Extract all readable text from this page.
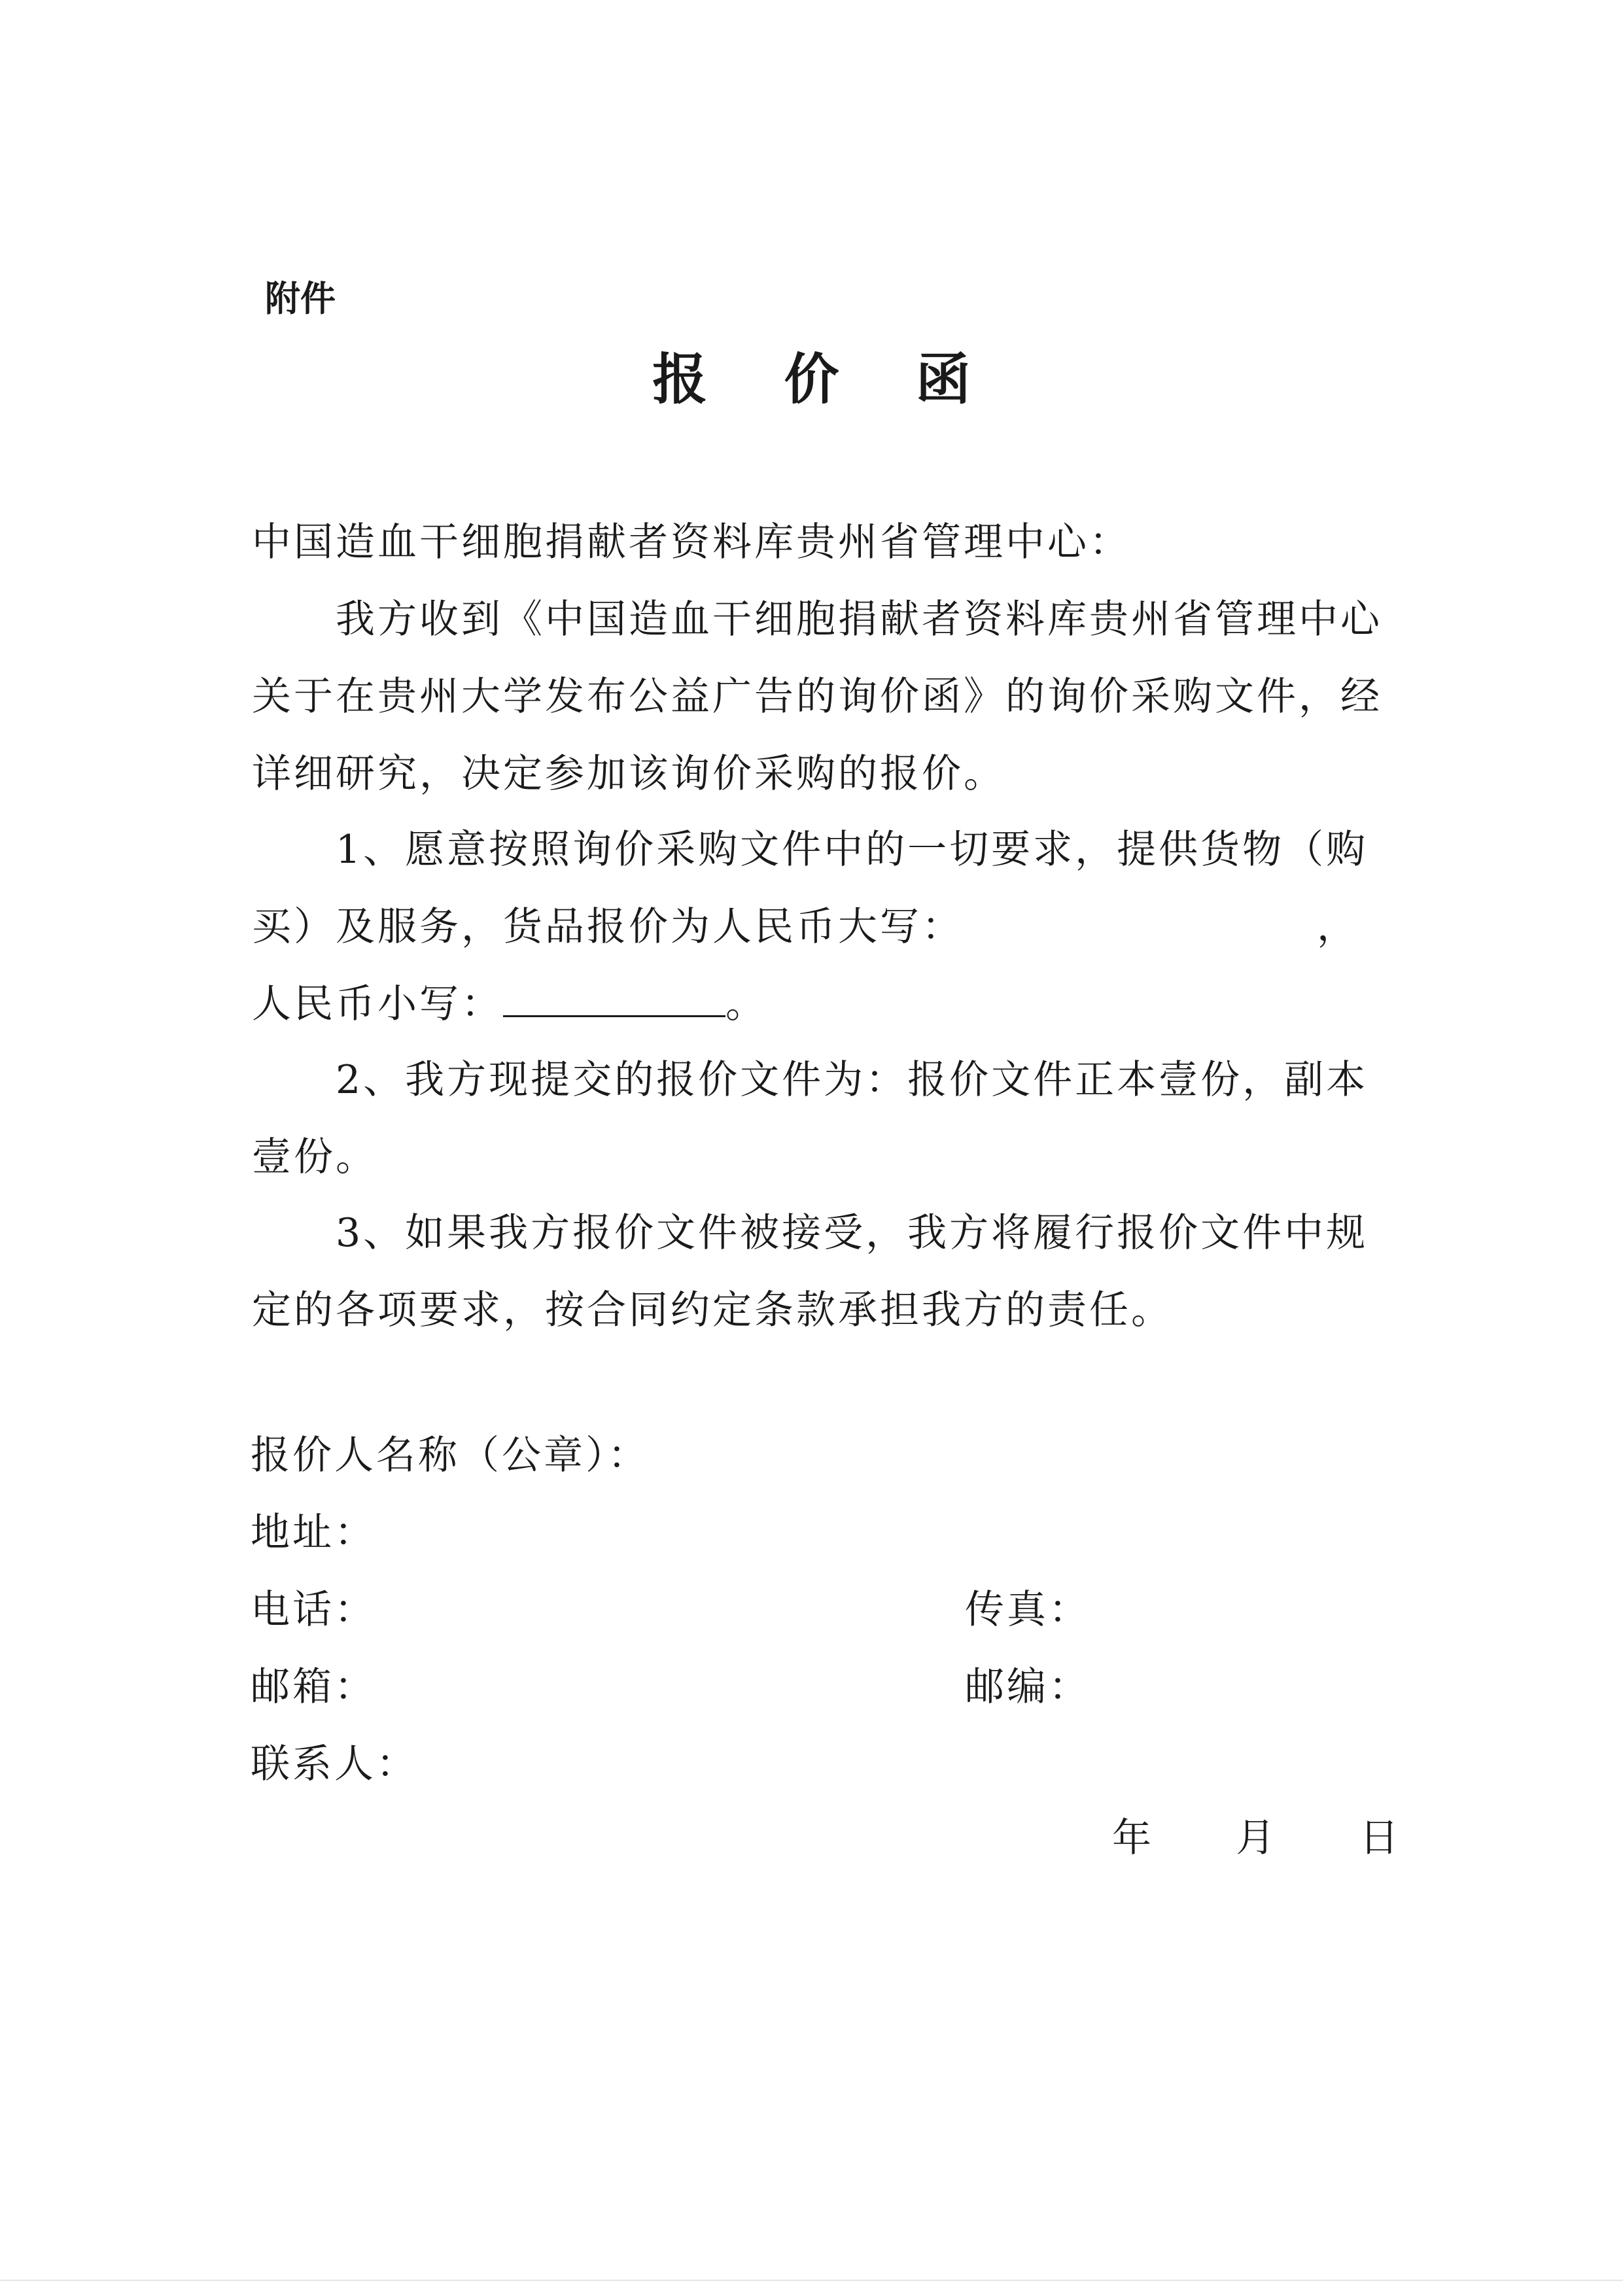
附件
报 价 函
中国造血干细胞捐献者资料库贵州省管理中心：
我方收到《中国造血干细胞捐献者资料库贵州省管理中心关于在贵州大学发布公益广告的询价函》的询价采购文件，经详细研究，决定参加该询价采购的报价。
1、愿意按照询价采购文件中的一切要求，提供货物（购买）及服务，货品报价为人民币大写：	，
人民币小写：	。
2、我方现提交的报价文件为：报价文件正本壹份，副本壹份。
3、如果我方报价文件被接受，我方将履行报价文件中规定的各项要求，按合同约定条款承担我方的责任。
报价人名称（公章）：
地址：
电话：	传真：
邮箱：	邮编：
联系人：
年 月 日
